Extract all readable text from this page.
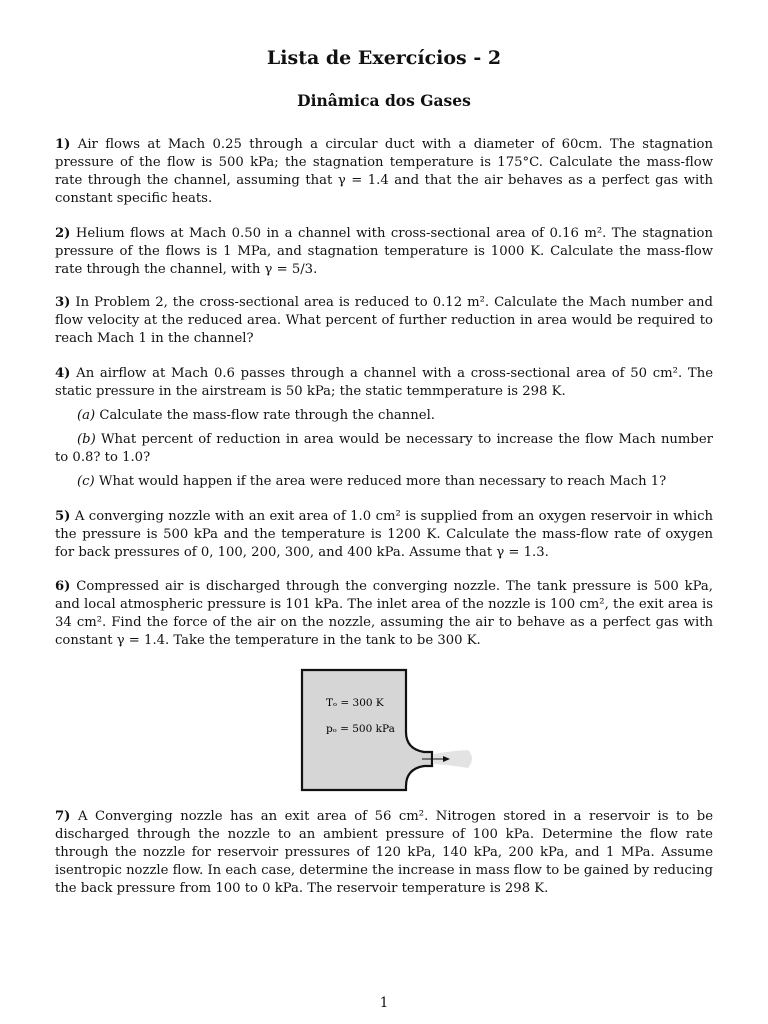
Lista de Exercícios - 2
Dinâmica dos Gases
1) Air flows at Mach 0.25 through a circular duct with a diameter of 60cm. The stagnation pressure of the flow is 500 kPa; the stagnation temperature is 175°C. Calculate the mass-flow rate through the channel, assuming that γ = 1.4 and that the air behaves as a perfect gas with constant specific heats.
2) Helium flows at Mach 0.50 in a channel with cross-sectional area of 0.16 m². The stagnation pressure of the flows is 1 MPa, and stagnation temperature is 1000 K. Calculate the mass-flow rate through the channel, with γ = 5/3.
3) In Problem 2, the cross-sectional area is reduced to 0.12 m². Calculate the Mach number and flow velocity at the reduced area. What percent of further reduction in area would be required to reach Mach 1 in the channel?
4) An airflow at Mach 0.6 passes through a channel with a cross-sectional area of 50 cm². The static pressure in the airstream is 50 kPa; the static temmperature is 298 K.
(a) Calculate the mass-flow rate through the channel.
(b) What percent of reduction in area would be necessary to increase the flow Mach number to 0.8? to 1.0?
(c) What would happen if the area were reduced more than necessary to reach Mach 1?
5) A converging nozzle with an exit area of 1.0 cm² is supplied from an oxygen reservoir in which the pressure is 500 kPa and the temperature is 1200 K. Calculate the mass-flow rate of oxygen for back pressures of 0, 100, 200, 300, and 400 kPa. Assume that γ = 1.3.
6) Compressed air is discharged through the converging nozzle. The tank pressure is 500 kPa, and local atmospheric pressure is 101 kPa. The inlet area of the nozzle is 100 cm², the exit area is 34 cm². Find the force of the air on the nozzle, assuming the air to behave as a perfect gas with constant γ = 1.4. Take the temperature in the tank to be 300 K.
Tₒ = 300 K
pₒ = 500 kPa
7) A Converging nozzle has an exit area of 56 cm². Nitrogen stored in a reservoir is to be discharged through the nozzle to an ambient pressure of 100 kPa. Determine the flow rate through the nozzle for reservoir pressures of 120 kPa, 140 kPa, 200 kPa, and 1 MPa. Assume isentropic nozzle flow. In each case, determine the increase in mass flow to be gained by reducing the back pressure from 100 to 0 kPa. The reservoir temperature is 298 K.
1
